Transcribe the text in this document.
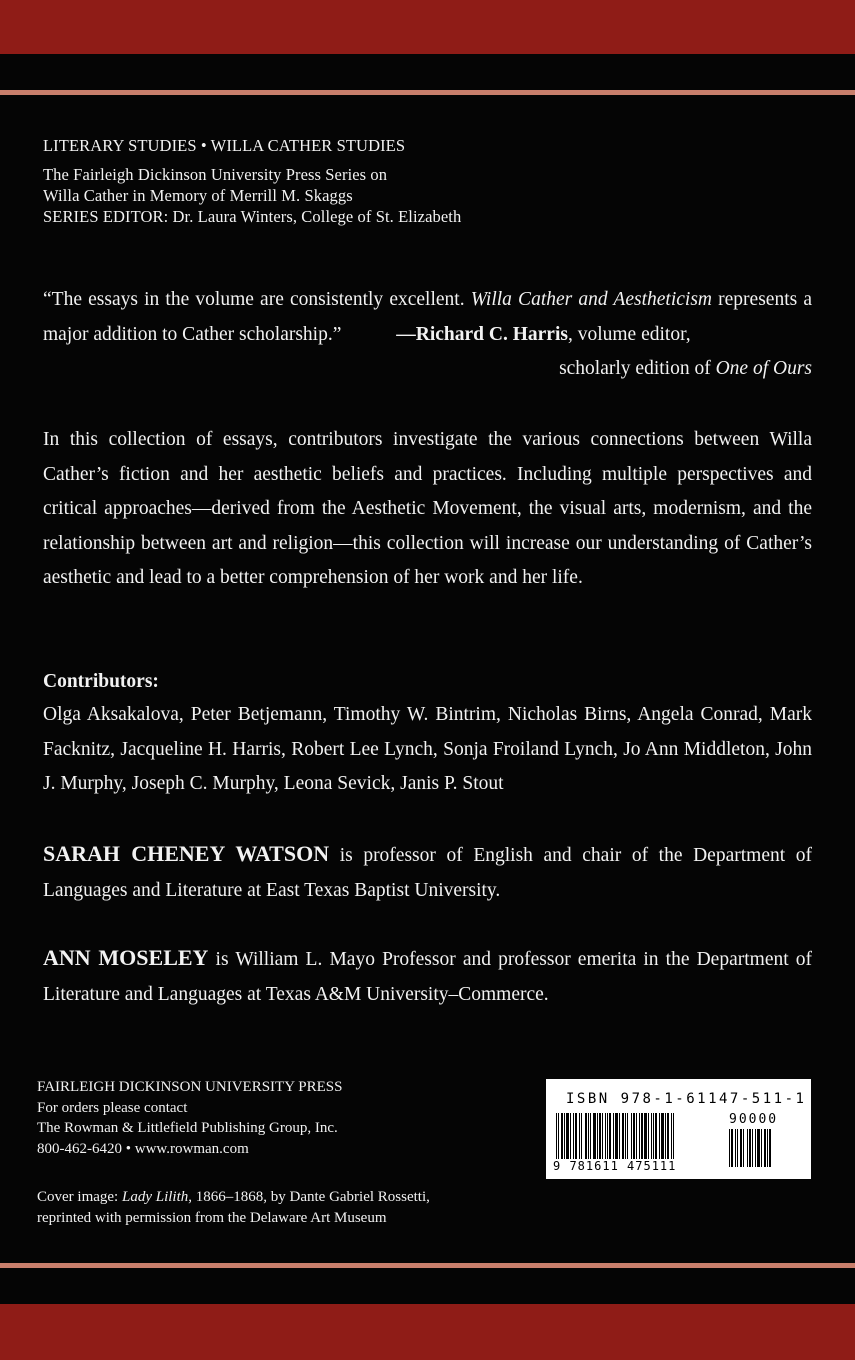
LITERARY STUDIES • WILLA CATHER STUDIES
The Fairleigh Dickinson University Press Series on
Willa Cather in Memory of Merrill M. Skaggs
SERIES EDITOR: Dr. Laura Winters, College of St. Elizabeth
“The essays in the volume are consistently excellent. Willa Cather and Aestheticism represents a major addition to Cather scholarship.”	—Richard C. Harris, volume editor,
scholarly edition of One of Ours
In this collection of essays, contributors investigate the various connections between Willa Cather’s fiction and her aesthetic beliefs and practices. Including multiple perspectives and critical approaches—derived from the Aesthetic Movement, the visual arts, modernism, and the relationship between art and religion—this collection will increase our understanding of Cather’s aesthetic and lead to a better comprehension of her work and her life.
Contributors:
Olga Aksakalova, Peter Betjemann, Timothy W. Bintrim, Nicholas Birns, Angela Conrad, Mark Facknitz, Jacqueline H. Harris, Robert Lee Lynch, Sonja Froiland Lynch, Jo Ann Middleton, John J. Murphy, Joseph C. Murphy, Leona Sevick, Janis P. Stout
SARAH CHENEY WATSON is professor of English and chair of the Department of Languages and Literature at East Texas Baptist University.
ANN MOSELEY is William L. Mayo Professor and professor emerita in the Department of Literature and Languages at Texas A&M University–Commerce.
FAIRLEIGH DICKINSON UNIVERSITY PRESS
For orders please contact
The Rowman & Littlefield Publishing Group, Inc.
800-462-6420 • www.rowman.com
Cover image: Lady Lilith, 1866–1868, by Dante Gabriel Rossetti,
reprinted with permission from the Delaware Art Museum
ISBN 978-1-61147-511-1
90000
9 781611 475111
